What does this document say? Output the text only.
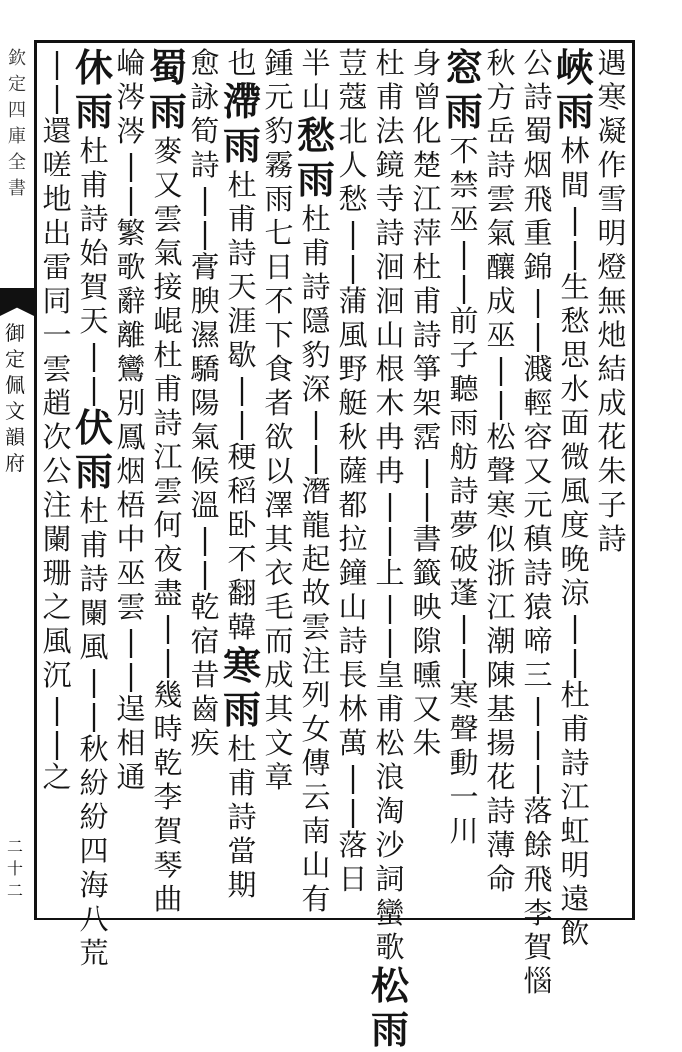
欽
定
四
庫
全
書
御
定
佩
文
韻
府
二
十
二
遇
寒
凝
作
雪
明
燈
無
灺
結
成
花
朱
子
詩
峽
雨
林
間
|
|
生
愁
思
水
面
微
風
度
晚
涼
|
|
杜
甫
詩
江
虹
明
遠
飲
公
詩
蜀
烟
飛
重
錦
|
|
濺
輕
容
又
元
稹
詩
猿
啼
三
|
|
|
落
餘
飛
李
賀
惱
秋
方
岳
詩
雲
氣
釀
成
巫
|
|
松
聲
寒
似
浙
江
潮
陳
基
揚
花
詩
薄
命
窓
雨
不
禁
巫
|
|
前
子
聽
雨
舫
詩
夢
破
蓬
|
|
寒
聲
動
一
川
身
曾
化
楚
江
萍
杜
甫
詩
箏
架
霑
|
|
書
籤
映
隙
曛
又
朱
杜
甫
法
鏡
寺
詩
洄
洄
山
根
木
冉
冉
|
|
上
|
|
皇
甫
松
浪
淘
沙
詞
蠻
歌
松
雨
荳
蔻
北
人
愁
|
|
蒲
風
野
艇
秋
薩
都
拉
鐘
山
詩
長
林
萬
|
|
落
日
半
山
愁
雨
杜
甫
詩
隱
豹
深
|
|
潛
龍
起
故
雲
注
列
女
傳
云
南
山
有
鍾
元
豹
霧
雨
七
日
不
下
食
者
欲
以
澤
其
衣
毛
而
成
其
文
章
也
滯
雨
杜
甫
詩
天
涯
歇
|
|
稉
稻
卧
不
翻
韓
寒
雨
杜
甫
詩
當
期
愈
詠
筍
詩
|
|
膏
腴
濕
驕
陽
氣
候
溫
|
|
乾
宿
昔
齒
疾
蜀
雨
麥
又
雲
氣
接
崐
杜
甫
詩
江
雲
何
夜
盡
|
|
幾
時
乾
李
賀
琴
曲
崘
涔
涔
|
|
繁
歌
辭
離
鸞
別
鳳
烟
梧
中
巫
雲
|
|
逞
相
通
休
雨
杜
甫
詩
始
賀
天
|
|
伏
雨
杜
甫
詩
闌
風
|
|
秋
紛
紛
四
海
八
荒
|
|
還
嗟
地
出
雷
同
一
雲
趙
次
公
注
闌
珊
之
風
沉
|
|
之
